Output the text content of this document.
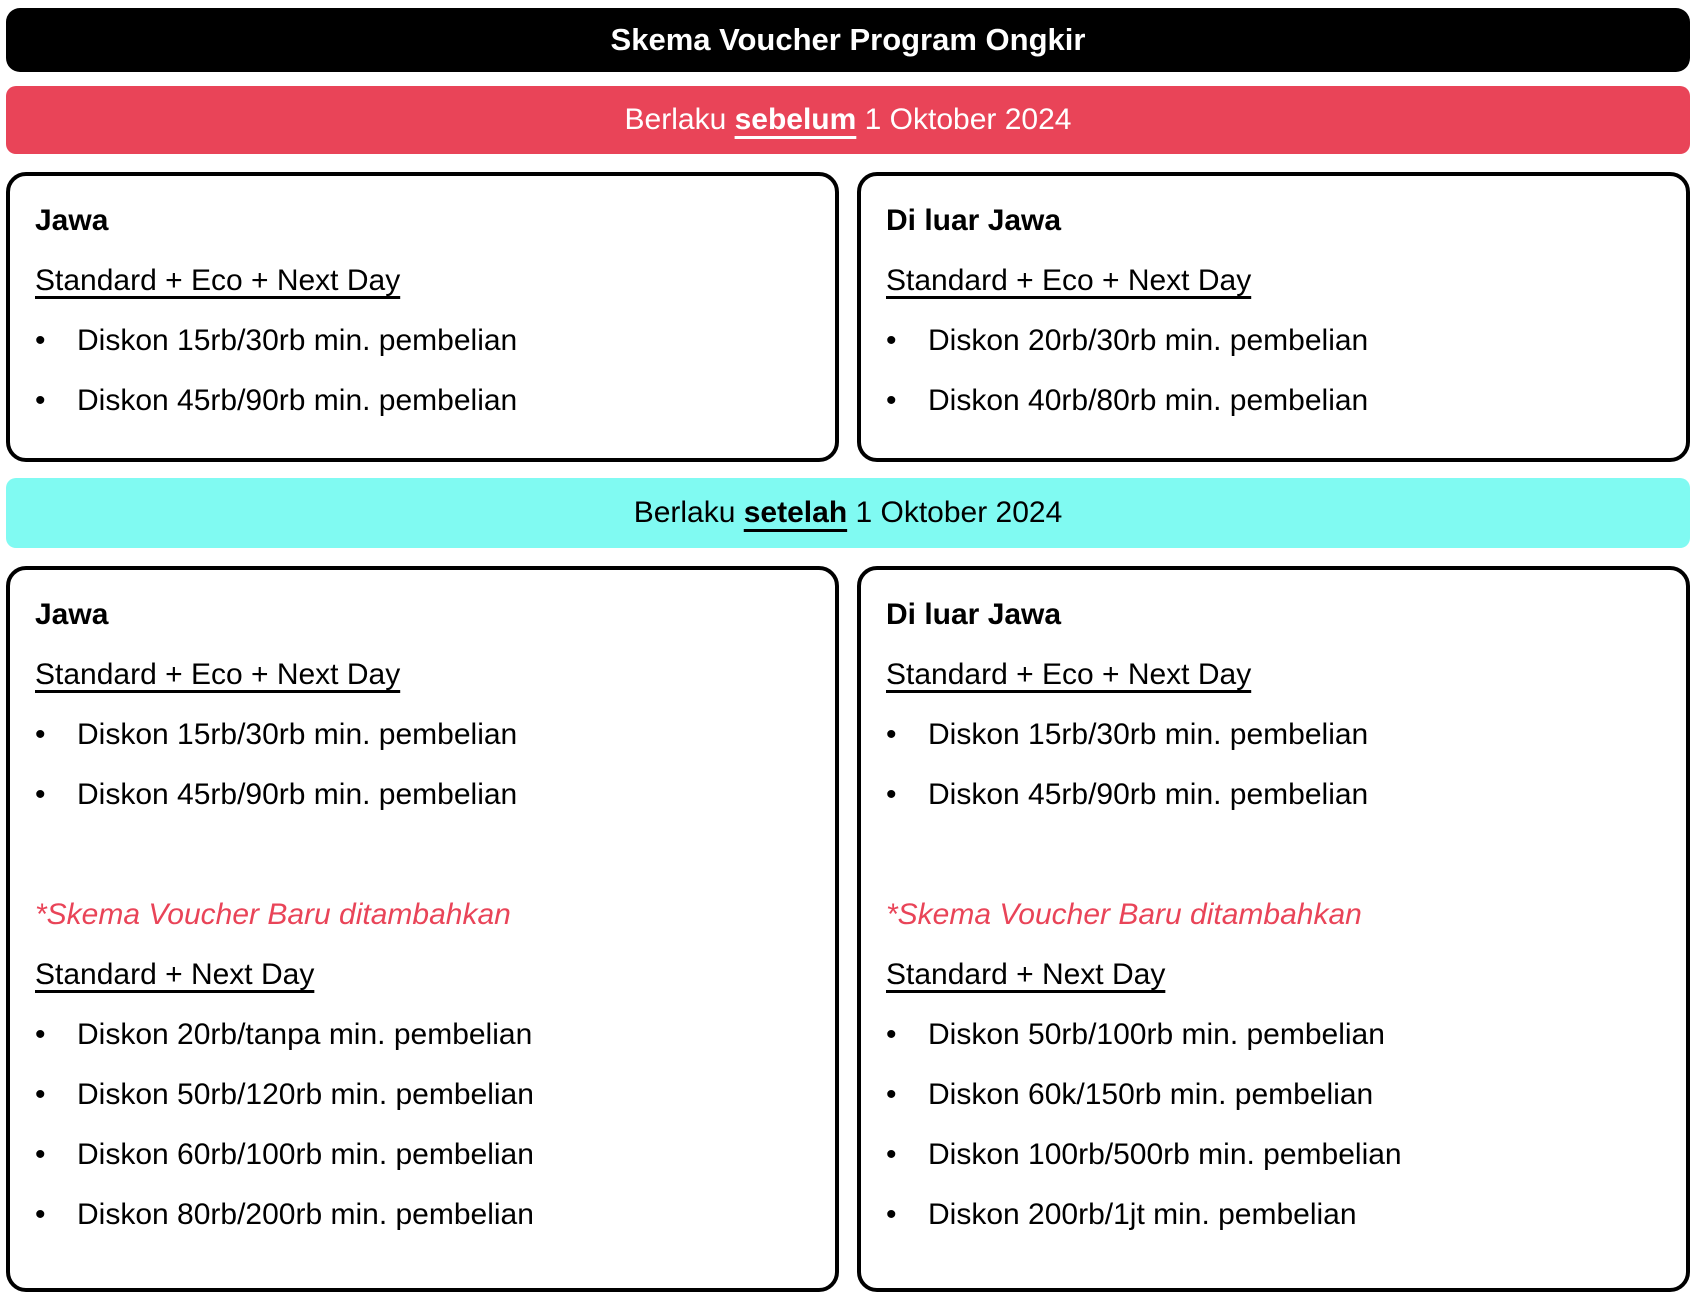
Skema Voucher Program Ongkir
Berlaku sebelum 1 Oktober 2024
Jawa
Standard + Eco + Next Day
•	Diskon 15rb/30rb min. pembelian
•	Diskon 45rb/90rb min. pembelian
Di luar Jawa
Standard + Eco + Next Day
•	Diskon 20rb/30rb min. pembelian
•	Diskon 40rb/80rb min. pembelian
Berlaku setelah 1 Oktober 2024
Jawa
Standard + Eco + Next Day
•	Diskon 15rb/30rb min. pembelian
•	Diskon 45rb/90rb min. pembelian
*Skema Voucher Baru ditambahkan
Standard + Next Day
•	Diskon 20rb/tanpa min. pembelian
•	Diskon 50rb/120rb min. pembelian
•	Diskon 60rb/100rb min. pembelian
•	Diskon 80rb/200rb min. pembelian
Di luar Jawa
Standard + Eco + Next Day
•	Diskon 15rb/30rb min. pembelian
•	Diskon 45rb/90rb min. pembelian
*Skema Voucher Baru ditambahkan
Standard + Next Day
•	Diskon 50rb/100rb min. pembelian
•	Diskon 60k/150rb min. pembelian
•	Diskon 100rb/500rb min. pembelian
•	Diskon 200rb/1jt min. pembelian
